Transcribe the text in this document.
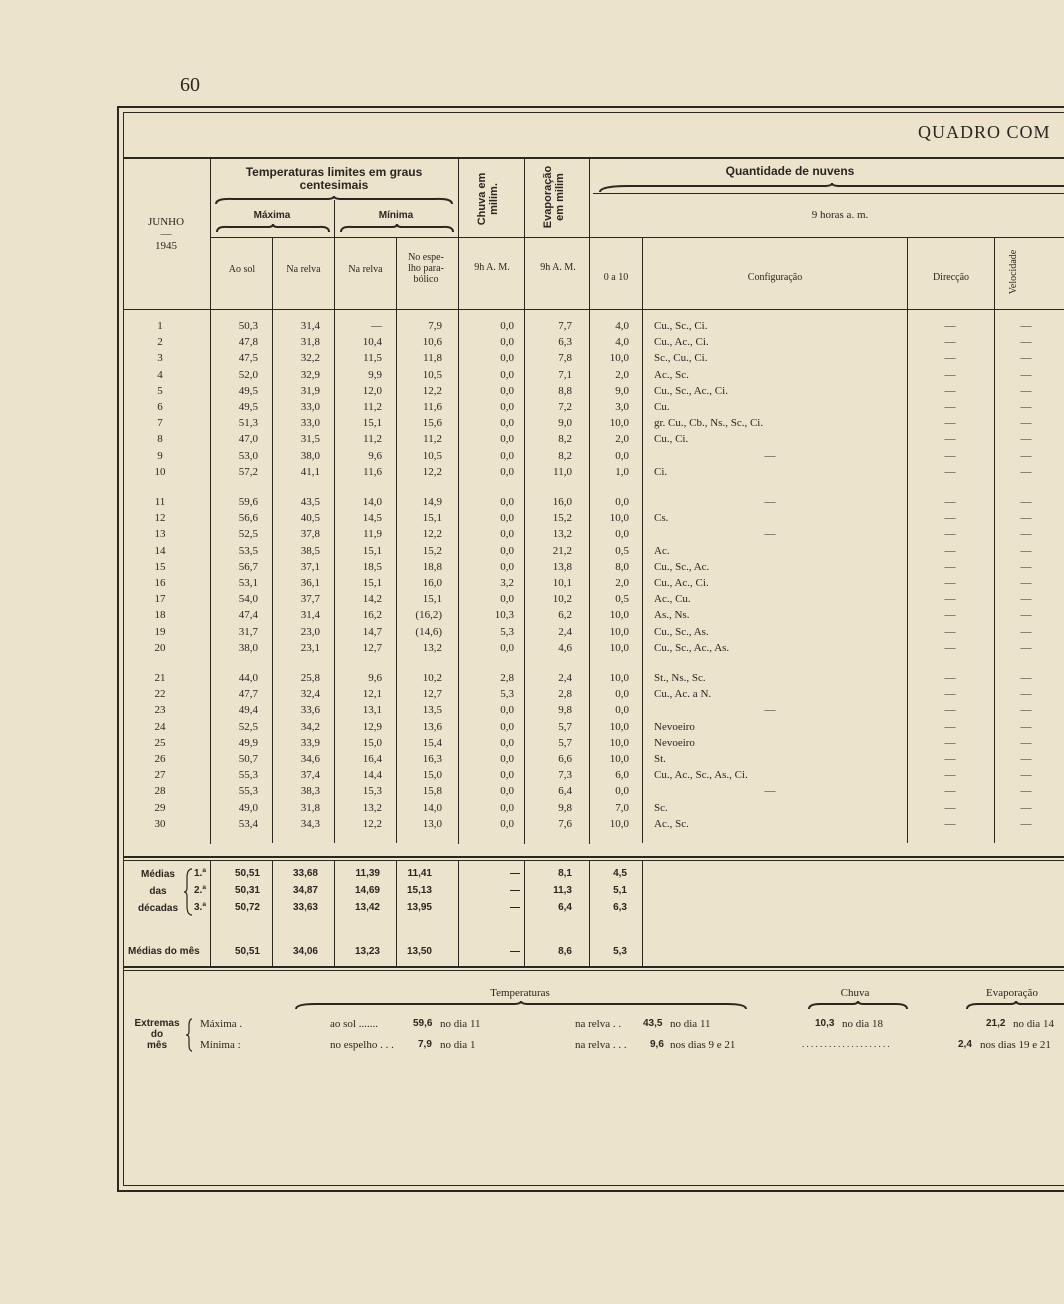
60
QUADRO COM
JUNHO
—
1945
Temperaturas limites em graus centesimais
Máxima	Mínima
Ao sol	Na relva	Na relva
No espe-lho para-bólico
Chuva em milim.	Evaporação em milim
9h A. M.	9h A. M.
Quantidade de nuvens
9 horas a. m.
0 a 10	Configuração	Direcção	Velocidade
1	50,3	31,4	—	7,9	0,0	7,7	4,0 Cu., Sc., Ci.	—	—
2	47,8	31,8	10,4	10,6	0,0	6,3	4,0 Cu., Ac., Ci.	—	—
3	47,5	32,2	11,5	11,8	0,0	7,8	10,0 Sc., Cu., Ci.	—	—
4	52,0	32,9	9,9	10,5	0,0	7,1	2,0 Ac., Sc.	—	—
5	49,5	31,9	12,0	12,2	0,0	8,8	9,0 Cu., Sc., Ac., Ci.	—	—
6	49,5	33,0	11,2	11,6	0,0	7,2	3,0 Cu.	—	—
7	51,3	33,0	15,1	15,6	0,0	9,0	10,0 gr. Cu., Cb., Ns., Sc., Ci.	—	—
8	47,0	31,5	11,2	11,2	0,0	8,2	2,0 Cu., Ci.	—	—
9	53,0	38,0	9,6	10,5	0,0	8,2	0,0	—	—	—
10	57,2	41,1	11,6	12,2	0,0	11,0	1,0 Ci.	—	—
11	59,6	43,5	14,0	14,9	0,0	16,0	0,0	—	—	—
12	56,6	40,5	14,5	15,1	0,0	15,2	10,0 Cs.	—	—
13	52,5	37,8	11,9	12,2	0,0	13,2	0,0	—	—	—
14	53,5	38,5	15,1	15,2	0,0	21,2	0,5 Ac.	—	—
15	56,7	37,1	18,5	18,8	0,0	13,8	8,0 Cu., Sc., Ac.	—	—
16	53,1	36,1	15,1	16,0	3,2	10,1	2,0 Cu., Ac., Ci.	—	—
17	54,0	37,7	14,2	15,1	0,0	10,2	0,5 Ac., Cu.	—	—
18	47,4	31,4	16,2	(16,2)	10,3	6,2	10,0 As., Ns.	—	—
19	31,7	23,0	14,7	(14,6)	5,3	2,4	10,0 Cu., Sc., As.	—	—
20	38,0	23,1	12,7	13,2	0,0	4,6	10,0 Cu., Sc., Ac., As.	—	—
21	44,0	25,8	9,6	10,2	2,8	2,4	10,0 St., Ns., Sc.	—	—
22	47,7	32,4	12,1	12,7	5,3	2,8	0,0 Cu., Ac. a N.	—	—
23	49,4	33,6	13,1	13,5	0,0	9,8	0,0	—	—	—
24	52,5	34,2	12,9	13,6	0,0	5,7	10,0 Nevoeiro	—	—
25	49,9	33,9	15,0	15,4	0,0	5,7	10,0 Nevoeiro	—	—
26	50,7	34,6	16,4	16,3	0,0	6,6	10,0 St.	—	—
27	55,3	37,4	14,4	15,0	0,0	7,3	6,0 Cu., Ac., Sc., As., Ci.	—	—
28	55,3	38,3	15,3	15,8	0,0	6,4	0,0	—	—	—
29	49,0	31,8	13,2	14,0	0,0	9,8	7,0 Sc.	—	—
30	53,4	34,3	12,2	13,0	0,0	7,6	10,0 Ac., Sc.	—	—
Médias
das
décadas
1.ª	50,51	33,68	11,39	11,41	—	8,1	4,5
2.ª	50,31	34,87	14,69	15,13	—	11,3	5,1
3.ª	50,72	33,63	13,42	13,95	—	6,4	6,3
Médias do mês	50,51	34,06	13,23	13,50	—	8,6	5,3
Temperaturas	Chuva	Evaporação
Extremas
do
mês
Máxima .
Mínima :
ao sol .......	59,6 no dia 11	na relva . . 43,5 no dia 11	10,3 no dia 18	21,2 no dia 14
no espelho . . . 7,9 no dia 1	na relva . . . 9,6 nos dias 9 e 21	. . . . . . . . . . . . . . . . . . . .	2,4 nos dias 19 e 21
